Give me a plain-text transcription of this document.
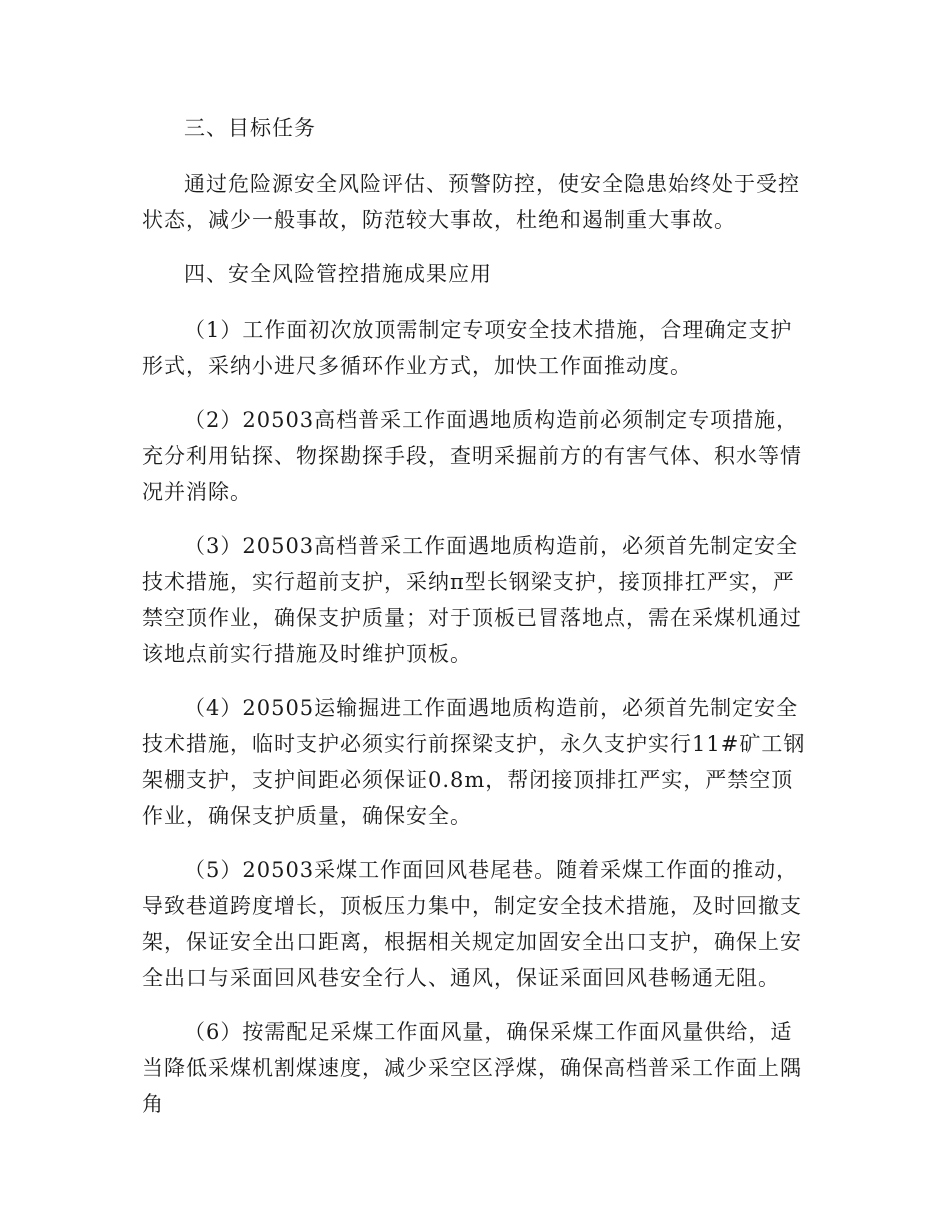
三、目标任务

通过危险源安全风险评估、预警防控，使安全隐患始终处于受控状态，减少一般事故，防范较大事故，杜绝和遏制重大事故。

四、安全风险管控措施成果应用

（1）工作面初次放顶需制定专项安全技术措施，合理确定支护形式，采纳小进尺多循环作业方式，加快工作面推动度。

（2）20503高档普采工作面遇地质构造前必须制定专项措施，充分利用钻探、物探勘探手段，查明采掘前方的有害气体、积水等情况并消除。

（3）20503高档普采工作面遇地质构造前，必须首先制定安全技术措施，实行超前支护，采纳π型长钢梁支护，接顶排扛严实，严禁空顶作业，确保支护质量；对于顶板已冒落地点，需在采煤机通过该地点前实行措施及时维护顶板。

（4）20505运输掘进工作面遇地质构造前，必须首先制定安全技术措施，临时支护必须实行前探梁支护，永久支护实行11#矿工钢架棚支护，支护间距必须保证0.8m，帮闭接顶排扛严实，严禁空顶作业，确保支护质量，确保安全。

（5）20503采煤工作面回风巷尾巷。随着采煤工作面的推动，导致巷道跨度增长，顶板压力集中，制定安全技术措施，及时回撤支架，保证安全出口距离，根据相关规定加固安全出口支护，确保上安全出口与采面回风巷安全行人、通风，保证采面回风巷畅通无阻。

（6）按需配足采煤工作面风量，确保采煤工作面风量供给，适当降低采煤机割煤速度，减少采空区浮煤，确保高档普采工作面上隅角
